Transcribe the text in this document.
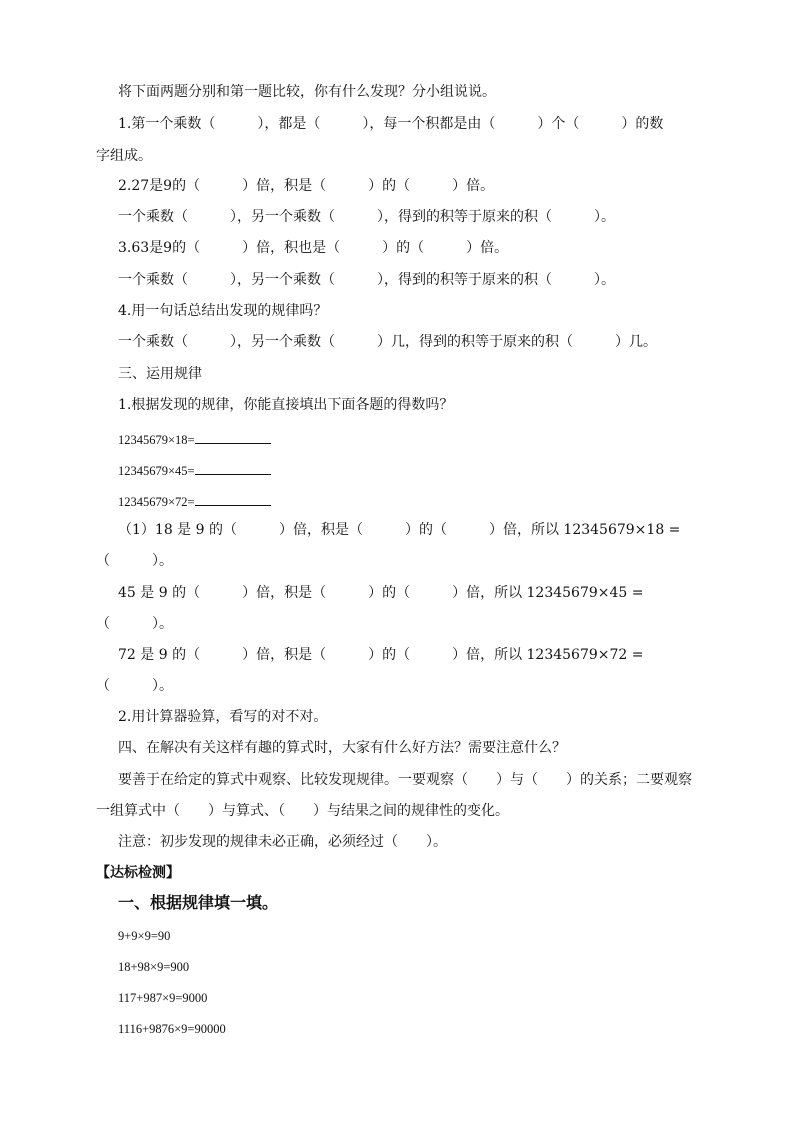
将下面两题分别和第一题比较，你有什么发现？分小组说说。
1.第一个乘数（　　　），都是（　　　），每一个积都是由（　　　）个（　　　）的数
字组成。
2.27是9的（　　　）倍，积是（　　　）的（　　　）倍。
一个乘数（　　　），另一个乘数（　　　），得到的积等于原来的积（　　　）。
3.63是9的（　　　）倍，积也是（　　　）的（　　　）倍。
一个乘数（　　　），另一个乘数（　　　），得到的积等于原来的积（　　　）。
4.用一句话总结出发现的规律吗？
一个乘数（　　　），另一个乘数（　　　）几，得到的积等于原来的积（　　　）几。
三、运用规律
1.根据发现的规律，你能直接填出下面各题的得数吗？
12345679×18=
12345679×45=
12345679×72=
（1）18 是 9 的（　　　）倍，积是（　　　）的（　　　）倍，所以 12345679×18 =
（　　　）。
45 是 9 的（　　　）倍，积是（　　　）的（　　　）倍，所以 12345679×45 =
（　　　）。
72 是 9 的（　　　）倍，积是（　　　）的（　　　）倍，所以 12345679×72 =
（　　　）。
2.用计算器验算，看写的对不对。
四、在解决有关这样有趣的算式时，大家有什么好方法？需要注意什么？
要善于在给定的算式中观察、比较发现规律。一要观察（　　）与（　　）的关系；二要观察
一组算式中（　　）与算式、（　　）与结果之间的规律性的变化。
注意：初步发现的规律未必正确，必须经过（　　）。
【达标检测】
一、根据规律填一填。
9+9×9=90
18+98×9=900
117+987×9=9000
1116+9876×9=90000
